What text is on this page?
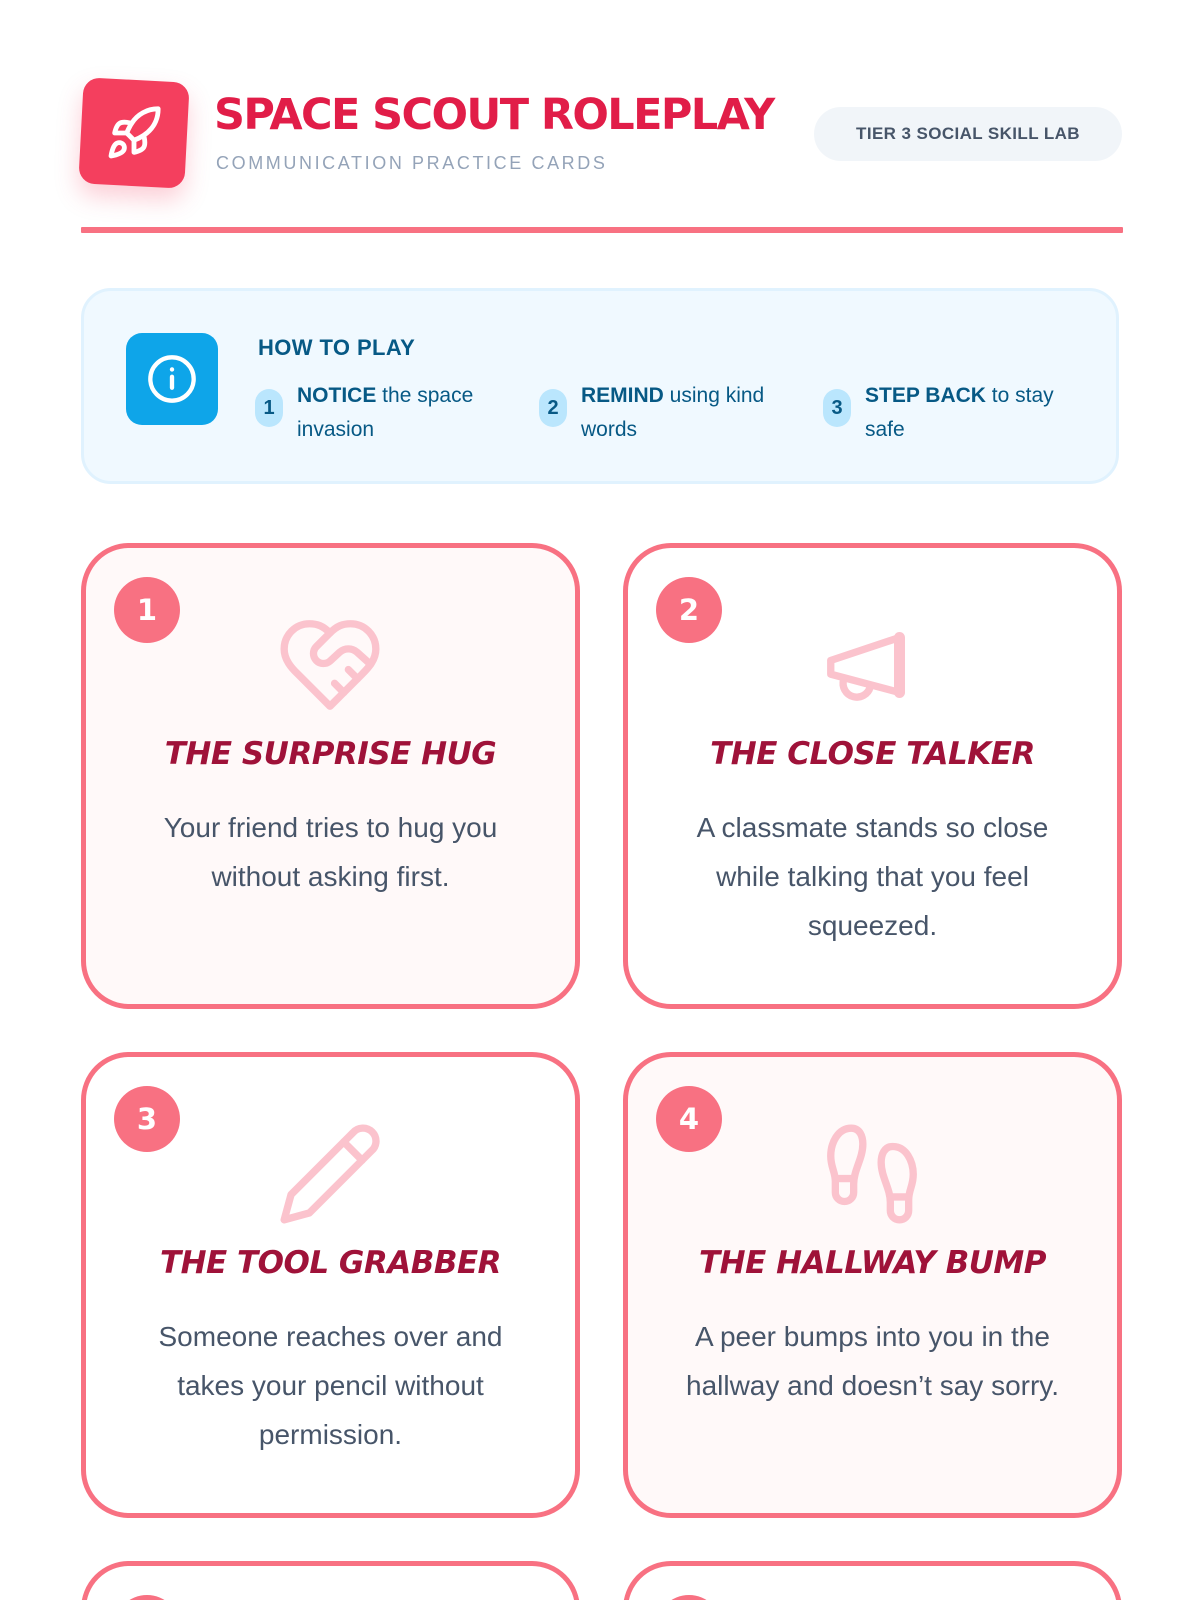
SPACE SCOUT ROLEPLAY
COMMUNICATION PRACTICE CARDS
TIER 3 SOCIAL SKILL LAB
HOW TO PLAY
1
NOTICE the space invasion
2
REMIND using kind words
3
STEP BACK to stay safe
1
THE SURPRISE HUG
Your friend tries to hug you without asking first.
2
THE CLOSE TALKER
A classmate stands so close while talking that you feel squeezed.
3
THE TOOL GRABBER
Someone reaches over and takes your pencil without permission.
4
THE HALLWAY BUMP
A peer bumps into you in the hallway and doesn’t say sorry.
